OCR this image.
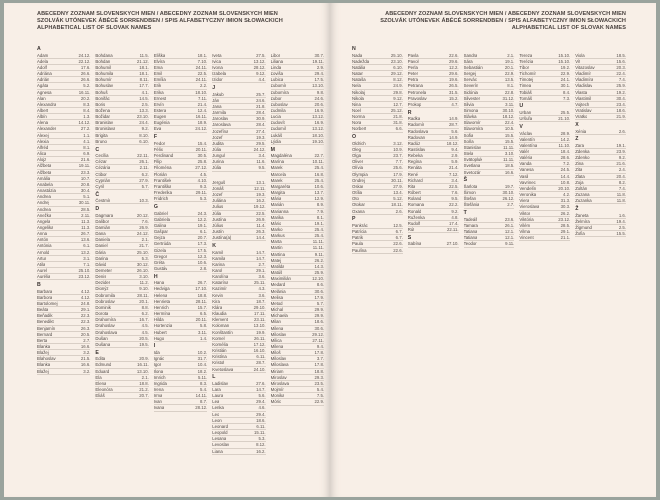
ABECEDNÝ ZOZNAM SLOVENSKÝCH MIEN / ABECEDNÝ ZOZNAM SLOVENSKÝCH MIEN
SZOLVÁK UTÓNEVEK ÁBÉCÉ SORRENDBEN / SPIS ALFABETYCZNY IMION SŁOWACKICH
ALPHABETICAL LIST OF SLOVAK NAMES
A
Adam	24.12.
Adela	22.12.
Adolf	17.6.
Adriána	26.6.
Adrián	26.6.
Agáta	5.2.
Agnesa	16.11.
Alan	20.2.
Alexandra	8.3.
Albert	8.4.
Albín	1.3.
Alena	14.12.
Alexander	27.2.
Alexej	1.1.
Alexia	4.1.
Alfréd	8.1.
Alica	6.9.
Alojz	21.6.
Alžbeta	19.11.
Alžbeta	23.3.
Amália	10.7.
Anabela	20.8.
Anastázia	30.4.
Andrea	5.1.
Andrej	30.11.
Andrea	28.5.
Anežka	2.11.
Angela	11.3.
Angelika	11.3.
Anna	26.7.
Antón	13.6.
Antónia	6.1.
Arnold	13.2.
Artur	3.1.
Atila	7.1.
Aurel	25.10.
Aurélia	23.12.
B
Barbara	4.12.
Barbora	4.12.
Bartolomej	24.8.
Beáta	29.1.
Beňadik	22.3.
Benedikt	22.3.
Benjamín	26.3.
Bernard	20.5.
Berta	2.7.
Blanka	16.6.
Blažej	3.2.
Blahoslav	21.5.
Blanka	16.6.
Blažej	3.2.

Bohdana	11.5.
Bohdan	21.12.
Bohumil	18.1.
Bohumila	18.1.
Bohumír	8.11.
Bohuslav	17.7.
Bohuš	4.1.
Bonifác	14.5.
Boris	2.5.
Božena	13.3.
Božidar	23.10.
Branislav	24.4.
Bronislava	9.2.
Brigita	8.10.
Bruno	6.10.
C
Cecília	22.11.
Cézar	26.1.
Cézária	2.11.
Ctibor	6.2.
Cyprián	27.9.
Cyril	5.7.
Č
Čestmír	10.3.
D
Dagmara	20.12.
Dalibor	7.6.
Damián	26.9.
Dana	24.12.
Daniela	2.1.
Daniel	21.7.
Dária	25.10.
Darina	5.3.
Dávid	30.12.
Demeter	26.10.
Denis	3.10.
Dezider	11.2.
Dionýz	9.10.
Dobromila	28.11.
Dobroslav	20.1.
Dominik	8.8.
Dorota	6.2.
Drahomíra	16.7.
Drahoslav	4.5.
Drahoslava	4.5.
Dušan	20.5.
Dušana	19.5.
E
Edita	20.9.
Edmund	16.11.
Eduard	13.10.
Ela	2.1.
Elena	18.8.
Eleonóra	21.2.
Eliáš	20.7.

Eliška	18.1.
Elvíra	7.10.
Ema	24.11.
Emil	22.5.
Emília	24.11.
Erik	2.2.
Erika	18.10.
Ernest	7.11.
Ervín	21.4.
Estera	12.4.
Eugen	16.11.
Eugénia	18.9.
Eva	24.12.
F
Fedor	15.4.
Félix	20.11.
Ferdinand	30.5.
Filip	25.8.
Filoména	27.12.
Florián	4.5.
František	4.10.
Františka	9.3.
Frederika	29.11.
Fridrich	5.3.
G
Gabriel	24.3.
Gabriela	12.2.
Galina	19.1.
Gašpar	6.1.
Gejza	20.7.
Gertrúda	17.3.
Gizela	17.5.
Gregor	12.3.
Gréta	10.6.
Gustáv	2.8.
H
Hana	26.7.
Hedviga	17.10.
Helena	18.8.
Henrieta	28.11.
Henrich	15.7.
Hermína	6.5.
Hilda	20.11.
Hortenzia	5.8.
Hubert	3.11.
Hugo	1.4.
I
Ida	10.2.
Ignác	31.7.
Igor	10.4.
Ilona	18.2.
Imrich	5.11.
Ingrida	8.3.
Irena	5.4.
Irma	14.11.
Ivan	8.7.
Ivana	28.12.

Iveta	27.5.
Ivica	13.12.
Ivona	28.12.
Izabela	9.12.
Izidor	4.4.
J
Jakub	25.7.
Ján	24.6.
Jana	21.8.
Jarmila	28.4.
Jaroslav	30.9.
Jaroslava	28.4.
Jozefína	27.4.
Jozef	19.3.
Judita	29.5.
Júlia	24.12.
Jungul	3.4.
Jurina	11.6.
Júlia	9.5.

Jerguš	13.1.
Jonáš	12.11.
Jozef	19.3.
Juliána	16.2.
Julius	19.12.
Júlia	22.5.
Justína	26.9.
Július	11.4.
Justín	26.3.
Justína(a)	14.4.
K
Kamil	14.7.
Kamila	14.7.
Karina	2.7.
Karol	29.1.
Karolína	3.6.
Katarína	25.11.
Kazimír	4.3.
Kevin	3.6.
Kira	18.7.
Klára	29.10.
Klaudia	17.11.
Klement	23.11.
Koloman	13.10.
Konštantín	19.9.
Kornel	26.11.
Kornélia	17.12.
Kristián	16.10.
Kristína	6.11.
Kristof	28.7.
Kvetoslava	24.10.
L
Ladislav	27.6.
Lara	14.7.
Laura	5.6.
Lea	29.4.
Lenka	4.6.
Leo	29.4.
Leon	18.6.
Leonard	6.11.
Leopold	15.11.
Lesana	5.3.
Levoslav	8.12.
Liana	16.2.

Libor	30.7.
Liliana	19.11.
Linda	2.9.
Ľoviša	29.4.
Lubica	17.5.
Ľubomír	13.10.
Ľubomíra	9.8.
Ľubor	24.6.
Ľuboslav	20.6.
Ľudmila	16.9.
Lucia	13.12.
Ľudovít	16.9.
Ľudomil	13.12.
Lukáš	18.10.
Lýdia	19.10.
M
Magdaléna	22.7.
Marína	10.11.
Marek	25.4.
Marcela	16.8.
Marek	25.4.
Margaréta	10.6.
Margita	13.7.
Mária	12.9.
Marián	8.9.
Marianna	7.9.
Marika	8.1.
Mário	19.1.
Marko	25.4.
Markus	25.4.
Marta	11.11.
Martin	11.11.
Martina	9.11.
Matej	26.2.
Matilda	14.3.
Matúš	25.9.
Maximilián	12.10.
Medard	8.6.
Melánia	30.6.
Melisa	17.9.
Metod	5.7.
Michal	29.9.
Michaela	29.9.
Milan	18.6.
Milena	30.6.
Miloslav	29.12.
Milica	27.11.
Milena	9.4.
Miloš	17.8.
Miloslav	3.7.
Miloslava	17.8.
Miriam	18.8.
Miroslav	29.3.
Miroslava	23.5.
Mojmír	5.4.
Monika	7.5.
Móric	22.9.
ABECEDNÝ ZOZNAM SLOVENSKÝCH MIEN / ABECEDNÝ ZOZNAM SLOVENSKÝCH MIEN
SZOLVÁK UTÓNEVEK ÁBÉCÉ SORRENDBEN / SPIS ALFABETYCZNY IMION SŁOWACKICH
ALPHABETICAL LIST OF SLOVAK NAMES
N
Nada	25.10.
Nadežda	23.10.
Natália	6.10.
Natan	29.12.
Nataša	8.12.
Nela	24.9.
Nikolaj	29.8.
Nikola	9.12.
Nina	12.7.
Noel	25.12.
Norma	21.8.
Nora	31.8.
Norbert	6.6.
O
Oldrich	3.12.
Oleg	10.9.
Olga	23.7.
Oliver	7.7.
Olívia	25.6.
Olympia	17.9.
Ondrej	30.11.
Oskar	27.9.
Otília	13.4.
Oto	5.12.
Otokar	18.11.
Oxana	2.6.
P
Pankrác	12.5.
Patrícia	6.7.
Patrik	6.7.
Paula	22.6.
Paulína	22.6.

Pavla	22.6.
Pavol	29.6.
Perla	12.2.
Peter	29.6.
Petra	19.6.
Petrana	26.5.
Petronela	31.5.
Pravoslav	15.2.
Prokop	4.7.
R
Radka	14.9.
Radomír	28.7.
Radoslava	5.6.
Radovan	14.9.
Radúz	18.12.
Rastislav	9.4.
Rebeka	2.9.
Regína	5.9.
Renáta	21.4.
René	7.12.
Richard	3.4.
Rita	22.5.
Róbert	7.6.
Roland	9.5.
Romana	22.2.
Ronald	9.2.
Ruženka	4.8.
Rudolf	17.4.
Rút	22.11.
S
Sabína	27.10.

Sandra	2.1.
Sára	19.1.
Sebastián	20.1.
Sergej	22.9.
Servác	13.5.
Severín	8.1.
Sidónia	22.8.
Silvester	31.12.
Silvia	3.11.
Simona	30.10.
Slávka	18.12.
Slavomír	22.4.
Slavomíra	10.5.
Sofia	15.5.
Soňa	15.5.
Stanislav	11.11.
Stela	3.10.
Svätopluk	11.11.
Svetlana	18.5.
Svetozár	16.6.
Š
Šarlota	19.7.
Šimon	30.10.
Štefan	26.12.
Štefánia	2.7.
T
Tadeáš	23.6.
Tamara	26.1.
Tatiana	12.1.
Tatiana	12.1.
Teodor	9.11.

Tereza	15.10.
Terézia	15.10.
Tibor	19.2.
Tichomír	22.9.
Timotej	24.1.
Timea	30.1.
Tobiáš	8.4.
Tomáš	7.3.
U
Urban	25.5.
Uršuľa	21.10.
V
Václav	28.9.
Valentín	14.2.
Valentína	11.10.
Valér	18.4.
Valéria	28.6.
Vanda	7.2.
Vanesa	24.5.
Vasil	14.4.
Vavrinec	10.8.
Vendelín	20.10.
Veronika	4.2.
Viera	31.3.
Vieroslava	30.3.
Viktor	26.2.
Viktória	23.12.
Vilém	28.5.
Vilma	29.1.
Vincent	21.1.

Viola	18.5.
Vít	15.6.
Vitazoslav	20.3.
Vladimír	22.4.
Vladimíra	7.4.
Vladislav	25.9.
Vlasta	19.2.
Vlastimil	30.4.
Vojtech	23.4.
Vratislav	18.6.
Vratko	21.9.
X
Xénia	2.6.
Z
Zara	19.1.
Zdenka	23.9.
Zdenko	9.2.
Zina	21.6.
Zita	2.4.
Zlata	20.4.
Zoja	8.2.
Zoltán	7.4.
Zuzana	11.8.
Zuzanka	11.8.
Ž
Žaneta	1.6.
Želmíra	19.4.
Žigmund	2.5.
Žofia	15.5.
